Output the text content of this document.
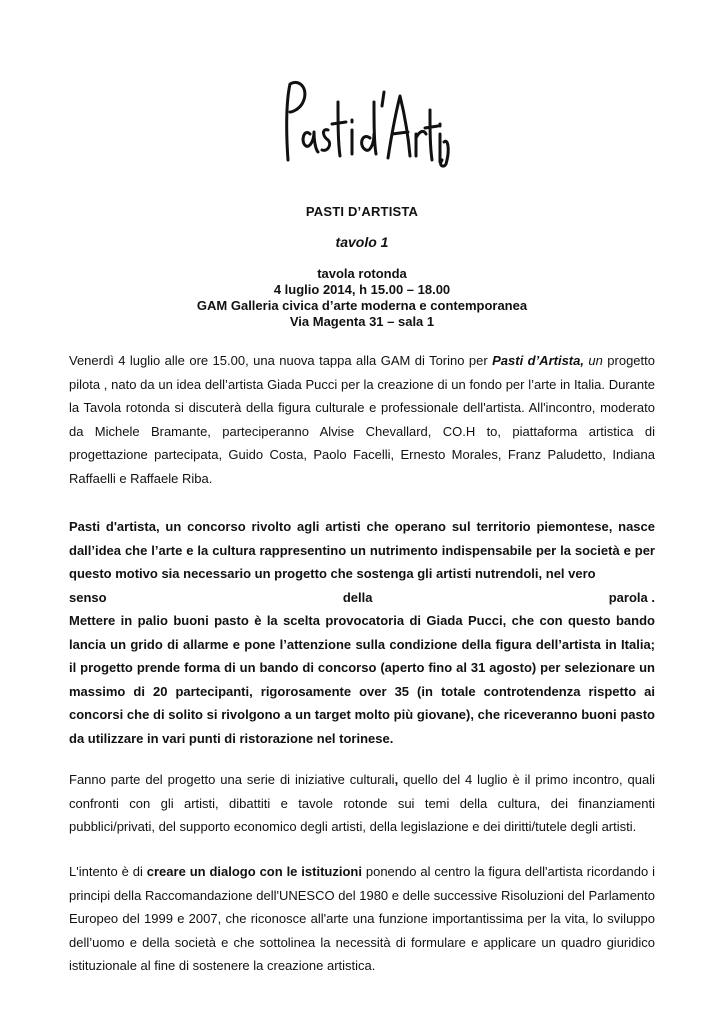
PASTI D’ARTISTA
tavolo 1
tavola rotonda
4 luglio 2014, h 15.00 – 18.00
GAM Galleria civica d’arte moderna e contemporanea
Via Magenta 31 – sala 1
Venerdì 4 luglio alle ore 15.00, una nuova tappa alla GAM di Torino per Pasti d’Artista, un progetto pilota , nato da un idea dell’artista Giada Pucci per la creazione di un fondo per l’arte in Italia. Durante la Tavola rotonda si discuterà della figura culturale e professionale dell'artista. All'incontro, moderato da Michele Bramante, parteciperanno Alvise Chevallard, CO.H to, piattaforma artistica di progettazione partecipata, Guido Costa, Paolo Facelli, Ernesto Morales, Franz Paludetto, Indiana Raffaelli e Raffaele Riba.
Pasti d'artista, un concorso rivolto agli artisti che operano sul territorio piemontese, nasce dall’idea che l’arte e la cultura rappresentino un nutrimento indispensabile per la società e per questo motivo sia necessario un progetto che sostenga gli artisti nutrendoli, nel vero
senso	della	parola .
Mettere in palio buoni pasto è la scelta provocatoria di Giada Pucci, che con questo bando lancia un grido di allarme e pone l’attenzione sulla condizione della figura dell’artista in Italia; il progetto prende forma di un bando di concorso (aperto fino al 31 agosto) per selezionare un massimo di 20 partecipanti, rigorosamente over 35 (in totale controtendenza rispetto ai concorsi che di solito si rivolgono a un target molto più giovane), che riceveranno buoni pasto da utilizzare in vari punti di ristorazione nel torinese.
Fanno parte del progetto una serie di iniziative culturali, quello del 4 luglio è il primo incontro, quali confronti con gli artisti, dibattiti e tavole rotonde sui temi della cultura, dei finanziamenti pubblici/privati, del supporto economico degli artisti, della legislazione e dei diritti/tutele degli artisti.
L'intento è di creare un dialogo con le istituzioni ponendo al centro la figura dell'artista ricordando i principi della Raccomandazione dell'UNESCO del 1980 e delle successive Risoluzioni del Parlamento Europeo del 1999 e 2007, che riconosce all'arte una funzione importantissima per la vita, lo sviluppo dell’uomo e della società e che sottolinea la necessità di formulare e applicare un quadro giuridico istituzionale al fine di sostenere la creazione artistica.
